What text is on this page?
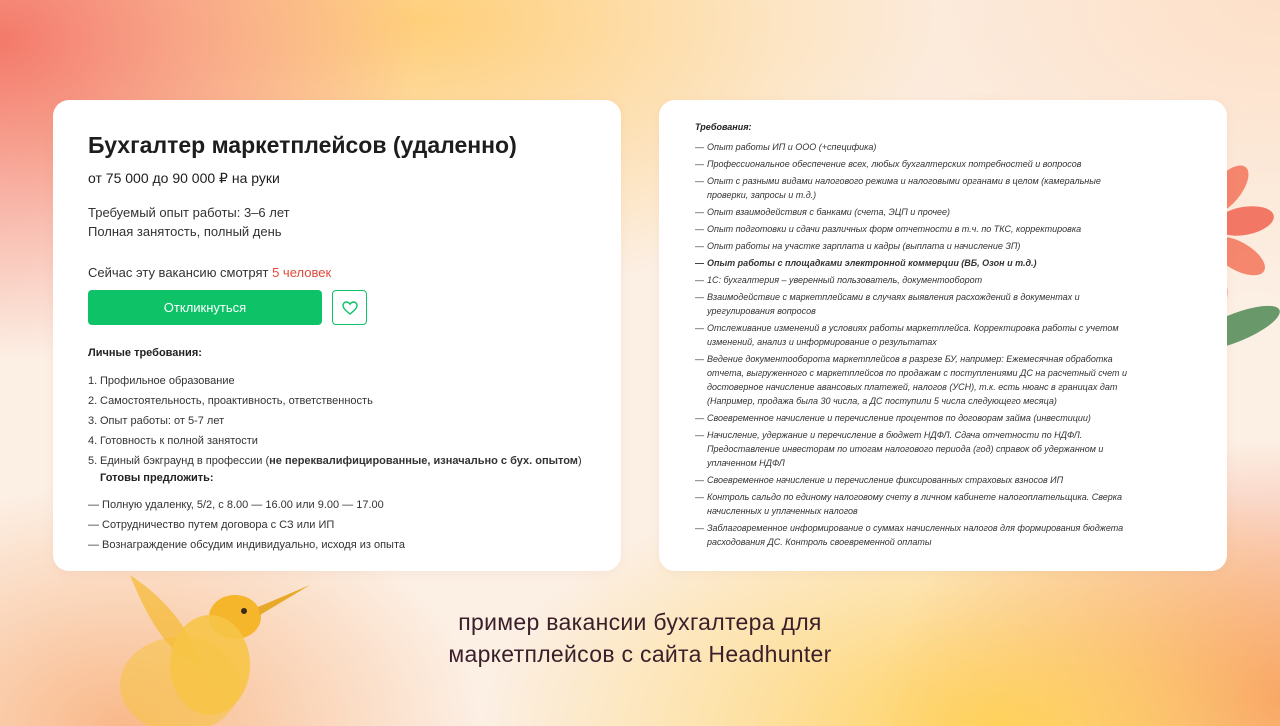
Бухгалтер маркетплейсов (удаленно)
от 75 000 до 90 000 ₽ на руки
Требуемый опыт работы: 3–6 лет
Полная занятость, полный день
Сейчас эту вакансию смотрят 5 человек
Откликнуться
Личные требования:
1. Профильное образование
2. Самостоятельность, проактивность, ответственность
3. Опыт работы: от 5-7 лет
4. Готовность к полной занятости
5. Единый бэкграунд в профессии (не переквалифицированные, изначально с бух. опытом)
Готовы предложить:
— Полную удаленку, 5/2, с 8.00 — 16.00 или 9.00 — 17.00
— Сотрудничество путем договора с СЗ или ИП
— Вознаграждение обсудим индивидуально, исходя из опыта
Требования:
— Опыт работы ИП и ООО (+специфика)
— Профессиональное обеспечение всех, любых бухгалтерских потребностей и вопросов
— Опыт с разными видами налогового режима и налоговыми органами в целом (камеральные проверки, запросы и т.д.)
— Опыт взаимодействия с банками (счета, ЭЦП и прочее)
— Опыт подготовки и сдачи различных форм отчетности в т.ч. по ТКС, корректировка
— Опыт работы на участке зарплата и кадры (выплата и начисление ЗП)
— Опыт работы с площадками электронной коммерции (ВБ, Озон и т.д.)
— 1С: бухгалтерия – уверенный пользователь, документооборот
— Взаимодействие с маркетплейсами в случаях выявления расхождений в документах и урегулирования вопросов
— Отслеживание изменений в условиях работы маркетплейса. Корректировка работы с учетом изменений, анализ и информирование о результатах
— Ведение документооборота маркетплейсов в разрезе БУ, например: Ежемесячная обработка отчета, выгруженного с маркетплейсов по продажам с поступлениями ДС на расчетный счет и достоверное начисление авансовых платежей, налогов (УСН), т.к. есть нюанс в границах дат (Например, продажа была 30 числа, а ДС поступили 5 числа следующего месяца)
— Своевременное начисление и перечисление процентов по договорам займа (инвестиции)
— Начисление, удержание и перечисление в бюджет НДФЛ. Сдача отчетности по НДФЛ. Предоставление инвесторам по итогам налогового периода (год) справок об удержанном и уплаченном НДФЛ
— Своевременное начисление и перечисление фиксированных страховых взносов ИП
— Контроль сальдо по единому налоговому счету в личном кабинете налогоплательщика. Сверка начисленных и уплаченных налогов
— Заблаговременное информирование о суммах начисленных налогов для формирования бюджета расходования ДС. Контроль своевременной оплаты
пример вакансии бухгалтера для
маркетплейсов с сайта Headhunter
